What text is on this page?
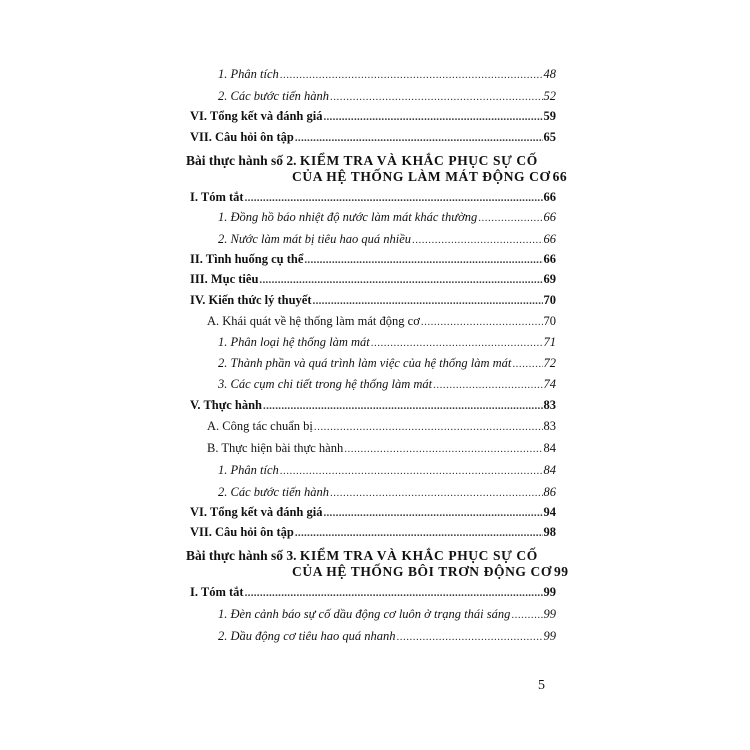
1. Phân tích .....	48
2. Các bước tiến hành .....	52
VI. Tổng kết và đánh giá .....	59
VII. Câu hỏi ôn tập .....	65
Bài thực hành số 2. KIỂM TRA VÀ KHẮC PHỤC SỰ CỐ
CỦA HỆ THỐNG LÀM MÁT ĐỘNG CƠ 66
I. Tóm tắt .....	66
1. Đồng hồ báo nhiệt độ nước làm mát khác thường .....	66
2. Nước làm mát bị tiêu hao quá nhiều .....	66
II. Tình huống cụ thể .....	66
III. Mục tiêu .....	69
IV. Kiến thức lý thuyết .....	70
A. Khái quát về hệ thống làm mát động cơ .....	70
1. Phân loại hệ thống làm mát .....	71
2. Thành phần và quá trình làm việc của hệ thống làm mát .....	72
3. Các cụm chi tiết trong hệ thống làm mát .....	74
V. Thực hành .....	83
A. Công tác chuẩn bị .....	83
B. Thực hiện bài thực hành .....	84
1. Phân tích .....	84
2. Các bước tiến hành .....	86
VI. Tổng kết và đánh giá .....	94
VII. Câu hỏi ôn tập .....	98
Bài thực hành số 3. KIỂM TRA VÀ KHẮC PHỤC SỰ CỐ
CỦA HỆ THỐNG BÔI TRƠN ĐỘNG CƠ 99
I. Tóm tắt .....	99
1. Đèn cảnh báo sự cố dầu động cơ luôn ở trạng thái sáng .....	99
2. Dầu động cơ tiêu hao quá nhanh .....	99
5
